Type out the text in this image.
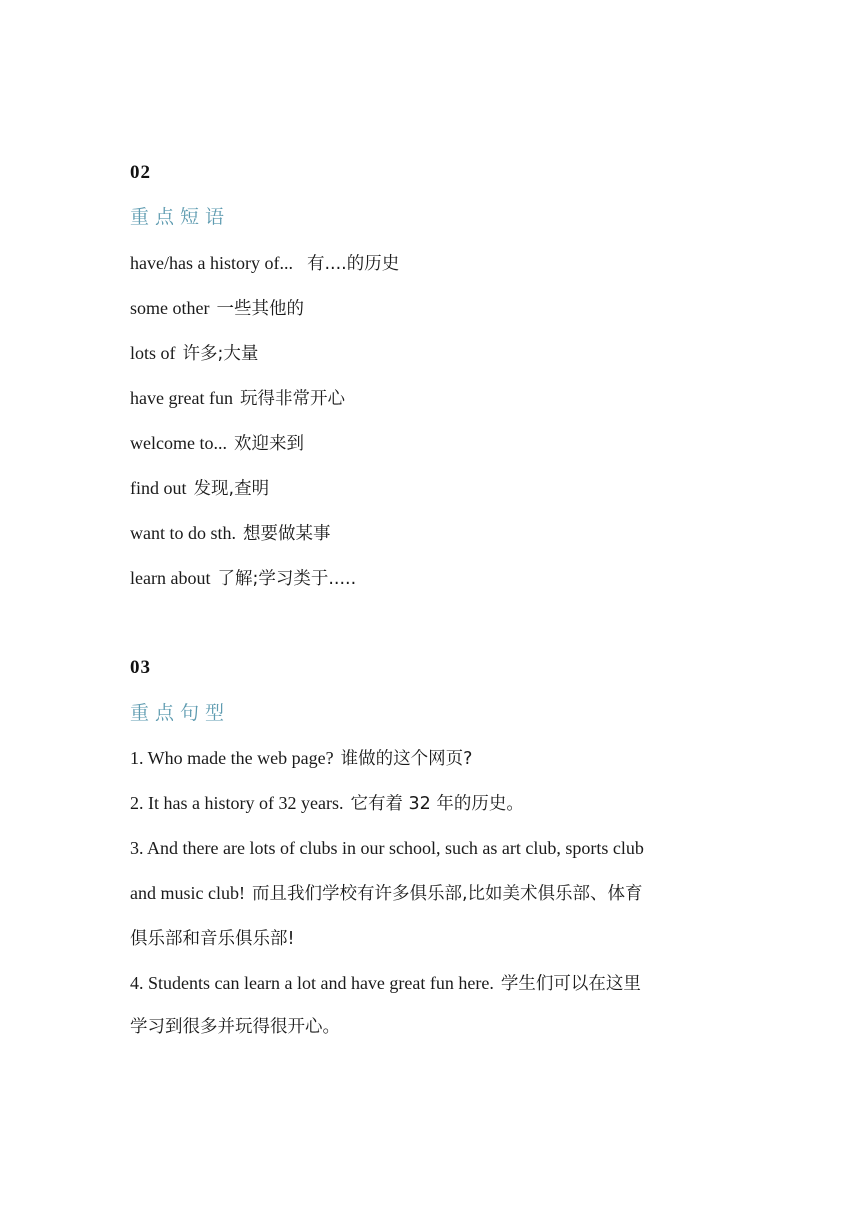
02
重点短语
have/has a history of... 有....的历史
some other 一些其他的
lots of 许多;大量
have great fun 玩得非常开心
welcome to... 欢迎来到
find out 发现,查明
want to do sth. 想要做某事
learn about 了解;学习类于.....
03
重点句型
1. Who made the web page? 谁做的这个网页?
2. It has a history of 32 years. 它有着 32 年的历史。
3. And there are lots of clubs in our school, such as art club, sports club
and music club! 而且我们学校有许多俱乐部,比如美术俱乐部、体育
俱乐部和音乐俱乐部!
4. Students can learn a lot and have great fun here. 学生们可以在这里
学习到很多并玩得很开心。
